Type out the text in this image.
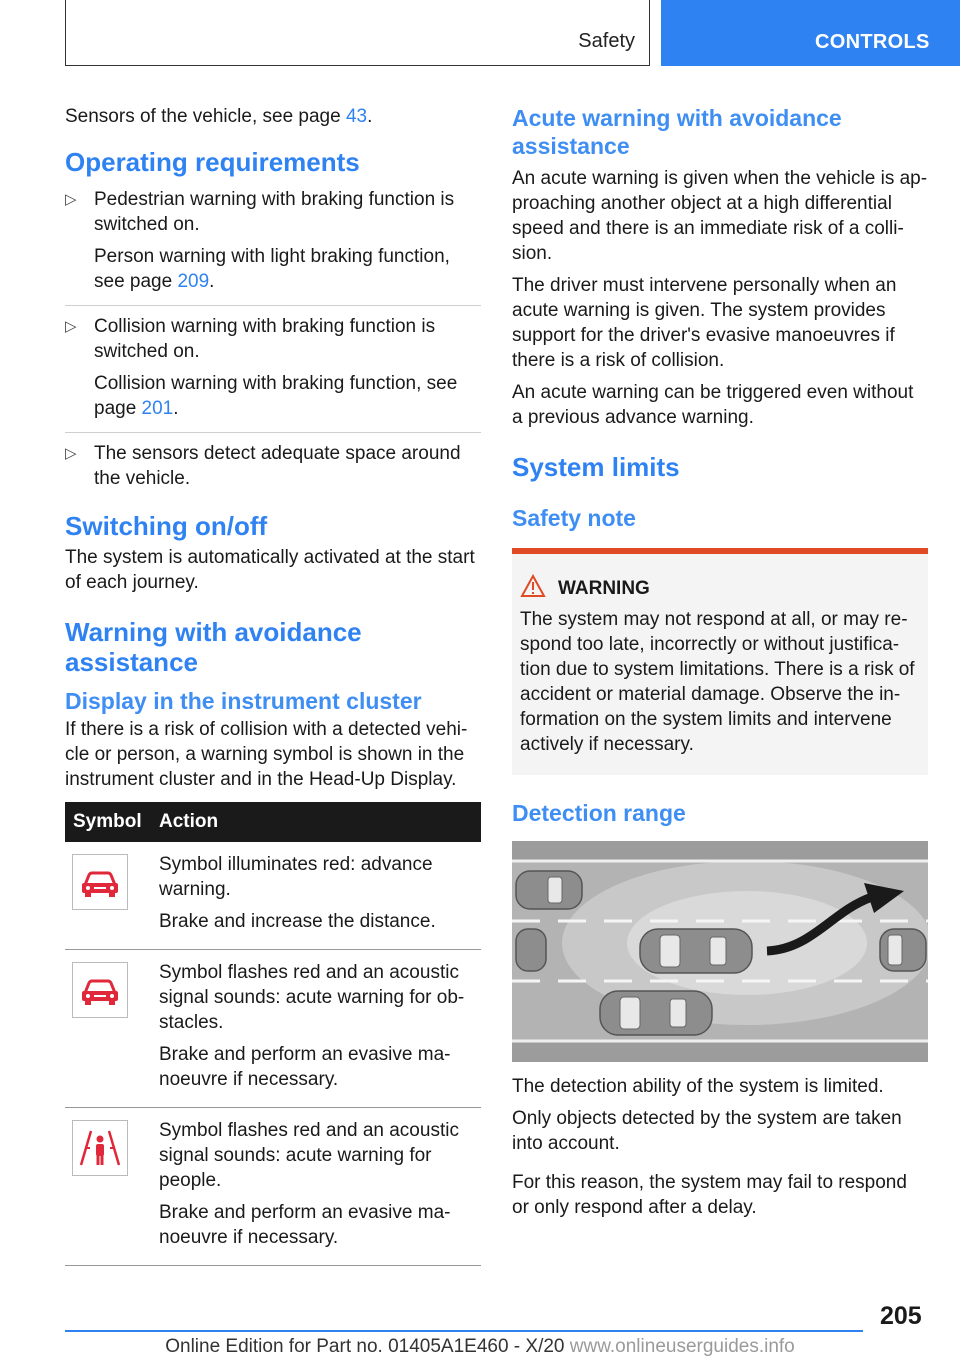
Safety	CONTROLS

Sensors of the vehicle, see page 43.

Operating requirements
▷ Pedestrian warning with braking function is switched on.

Person warning with light braking function, see page 209.

▷ Collision warning with braking function is switched on.

Collision warning with braking function, see page 201.

▷ The sensors detect adequate space around the vehicle.

Switching on/off

The system is automatically activated at the start of each journey.

Warning with avoidance assistance
Display in the instrument cluster

If there is a risk of collision with a detected vehi-cle or person, a warning symbol is shown in the instrument cluster and in the Head-Up Display.

Symbol	Action

Symbol illuminates red: advance warning.

Brake and increase the distance.

Symbol flashes red and an acoustic signal sounds: acute warning for ob-stacles.

Brake and perform an evasive ma-noeuvre if necessary.

Symbol flashes red and an acoustic signal sounds: acute warning for people.

Brake and perform an evasive ma-noeuvre if necessary.

Acute warning with avoidance assistance

An acute warning is given when the vehicle is ap-proaching another object at a high differential speed and there is an immediate risk of a colli-sion.

The driver must intervene personally when an acute warning is given. The system provides support for the driver's evasive manoeuvres if there is a risk of collision.

An acute warning can be triggered even without a previous advance warning.

System limits
Safety note
WARNING

The system may not respond at all, or may re-spond too late, incorrectly or without justifica-tion due to system limitations. There is a risk of accident or material damage. Observe the in-formation on the system limits and intervene actively if necessary.

Detection range

The detection ability of the system is limited.

Only objects detected by the system are taken into account.

For this reason, the system may fail to respond or only respond after a delay.

205
Online Edition for Part no. 01405A1E460 - X/20 www.onlineuserguides.info
